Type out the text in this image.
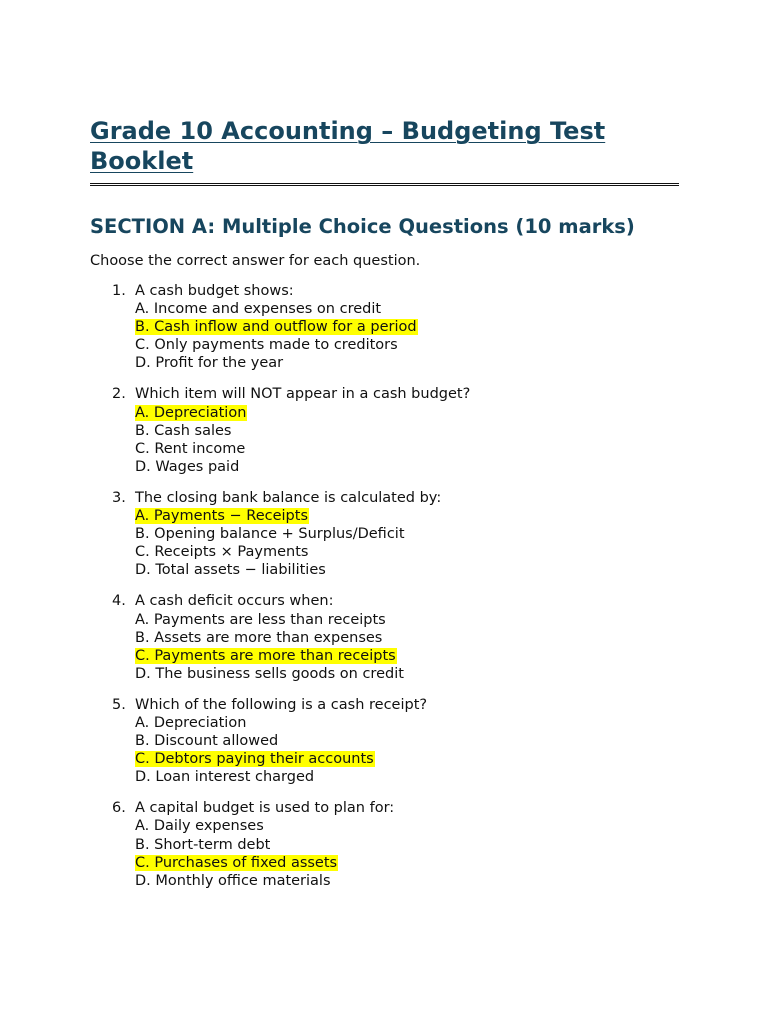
Grade 10 Accounting – Budgeting Test Booklet
SECTION A: Multiple Choice Questions (10 marks)

Choose the correct answer for each question.

1. A cash budget shows:
A. Income and expenses on credit
B. Cash inflow and outflow for a period
C. Only payments made to creditors
D. Profit for the year
2. Which item will NOT appear in a cash budget?
A. Depreciation
B. Cash sales
C. Rent income
D. Wages paid
3. The closing bank balance is calculated by:
A. Payments − Receipts
B. Opening balance + Surplus/Deficit
C. Receipts × Payments
D. Total assets − liabilities
4. A cash deficit occurs when:
A. Payments are less than receipts
B. Assets are more than expenses
C. Payments are more than receipts
D. The business sells goods on credit
5. Which of the following is a cash receipt?
A. Depreciation
B. Discount allowed
C. Debtors paying their accounts
D. Loan interest charged
6. A capital budget is used to plan for:
A. Daily expenses
B. Short-term debt
C. Purchases of fixed assets
D. Monthly office materials
